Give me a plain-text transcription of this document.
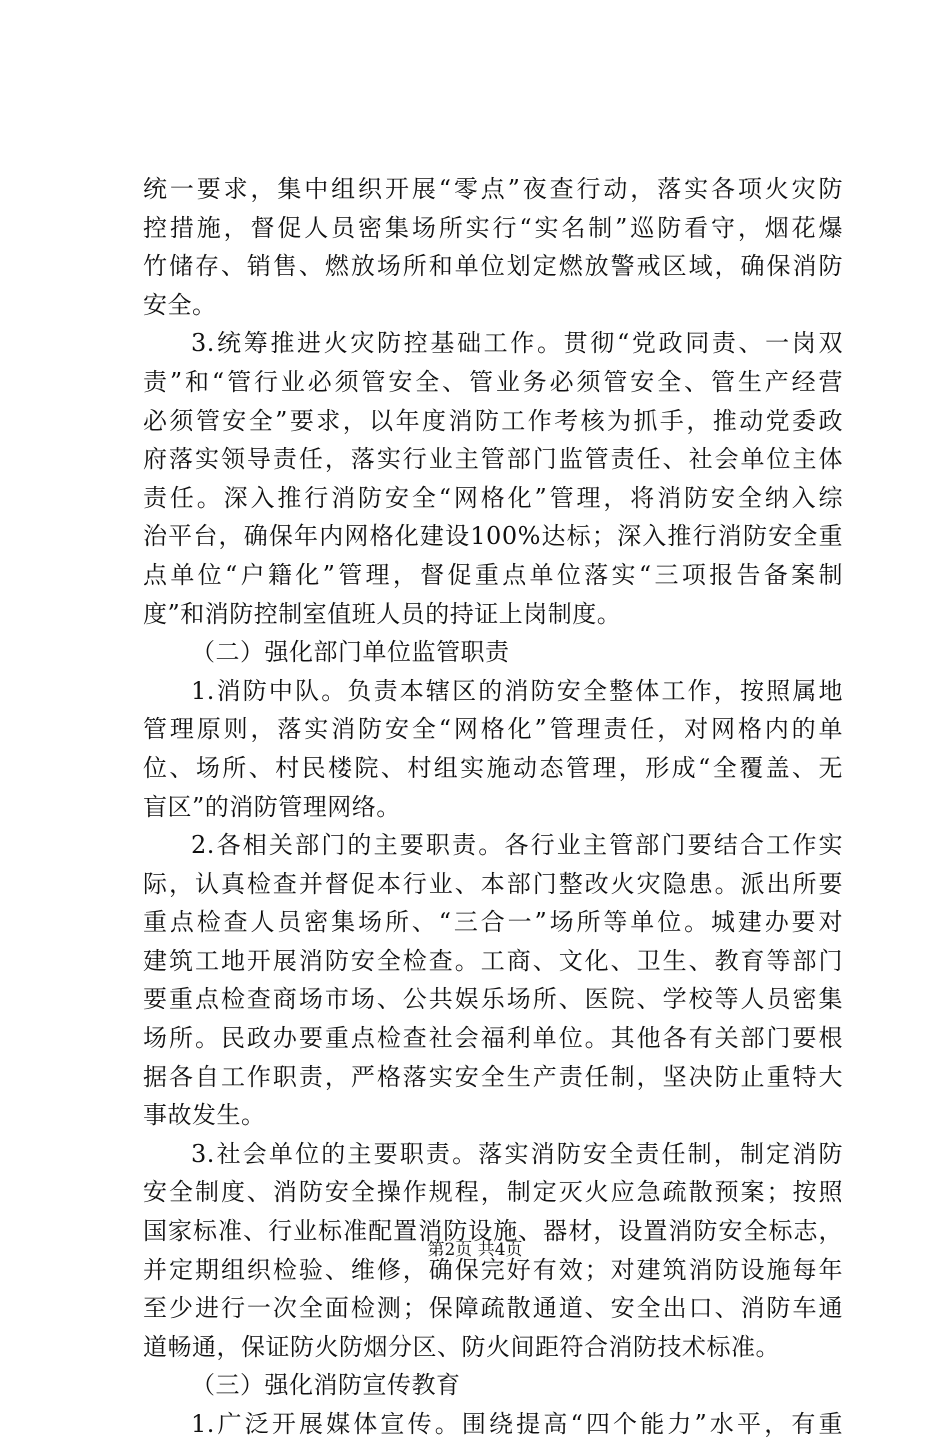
统一要求，集中组织开展“零点”夜查行动，落实各项火灾防
控措施，督促人员密集场所实行“实名制”巡防看守，烟花爆
竹储存、销售、燃放场所和单位划定燃放警戒区域，确保消防
安全。
3.统筹推进火灾防控基础工作。贯彻“党政同责、一岗双
责”和“管行业必须管安全、管业务必须管安全、管生产经营
必须管安全”要求，以年度消防工作考核为抓手，推动党委政
府落实领导责任，落实行业主管部门监管责任、社会单位主体
责任。深入推行消防安全“网格化”管理，将消防安全纳入综
治平台，确保年内网格化建设100%达标；深入推行消防安全重
点单位“户籍化”管理，督促重点单位落实“三项报告备案制
度”和消防控制室值班人员的持证上岗制度。
（二）强化部门单位监管职责
1.消防中队。负责本辖区的消防安全整体工作，按照属地
管理原则，落实消防安全“网格化”管理责任，对网格内的单
位、场所、村民楼院、村组实施动态管理，形成“全覆盖、无
盲区”的消防管理网络。
2.各相关部门的主要职责。各行业主管部门要结合工作实
际，认真检查并督促本行业、本部门整改火灾隐患。派出所要
重点检查人员密集场所、“三合一”场所等单位。城建办要对
建筑工地开展消防安全检查。工商、文化、卫生、教育等部门
要重点检查商场市场、公共娱乐场所、医院、学校等人员密集
场所。民政办要重点检查社会福利单位。其他各有关部门要根
据各自工作职责，严格落实安全生产责任制，坚决防止重特大
事故发生。
3.社会单位的主要职责。落实消防安全责任制，制定消防
安全制度、消防安全操作规程，制定灭火应急疏散预案；按照
国家标准、行业标准配置消防设施、器材，设置消防安全标志，
并定期组织检验、维修，确保完好有效；对建筑消防设施每年
至少进行一次全面检测；保障疏散通道、安全出口、消防车通
道畅通，保证防火防烟分区、防火间距符合消防技术标准。
（三）强化消防宣传教育
1.广泛开展媒体宣传。围绕提高“四个能力”水平，有重
第2页 共4页
